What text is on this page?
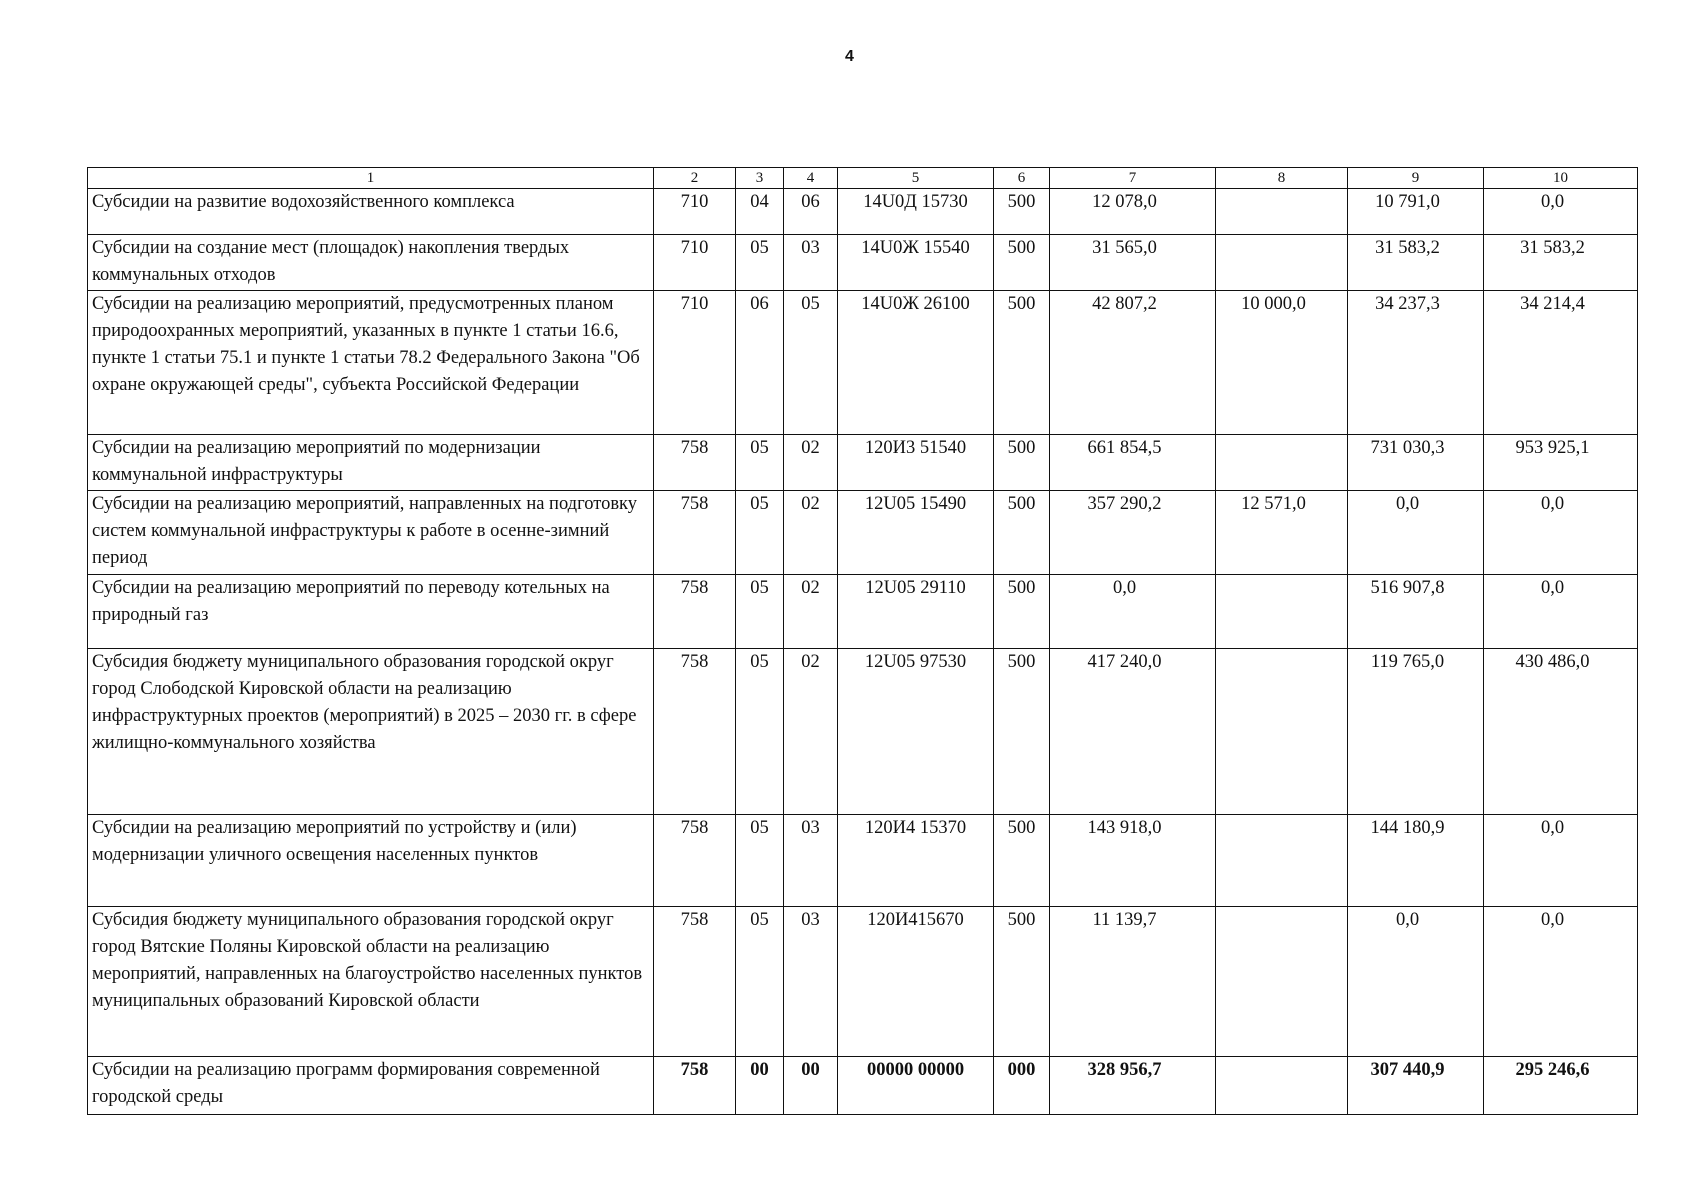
4
1	2	3	4	5	6	7	8	9	10
Субсидии на развитие водохозяйственного комплекса	710	04	06	14U0Д 15730	500	12 078,0		10 791,0	0,0
Субсидии на создание мест (площадок) накопления твердых коммунальных отходов	710	05	03	14U0Ж 15540	500	31 565,0		31 583,2	31 583,2
Субсидии на реализацию мероприятий, предусмотренных планом природоохранных мероприятий, указанных в пункте 1 статьи 16.6, пункте 1 статьи 75.1 и пункте 1 статьи 78.2 Федерального Закона "Об охране окружающей среды", субъекта Российской Федерации	710	06	05	14U0Ж 26100	500	42 807,2	10 000,0	34 237,3	34 214,4
Субсидии на реализацию мероприятий по модернизации коммунальной инфраструктуры	758	05	02	120И3 51540	500	661 854,5		731 030,3	953 925,1
Субсидии на реализацию мероприятий, направленных на подготовку систем коммунальной инфраструктуры к работе в осенне-зимний период	758	05	02	12U05 15490	500	357 290,2	12 571,0	0,0	0,0
Субсидии на реализацию мероприятий по переводу котельных на природный газ	758	05	02	12U05 29110	500	0,0		516 907,8	0,0
Субсидия бюджету муниципального образования городской округ город Слободской Кировской области на реализацию инфраструктурных проектов (мероприятий) в 2025 – 2030 гг. в сфере жилищно-коммунального хозяйства	758	05	02	12U05 97530	500	417 240,0		119 765,0	430 486,0
Субсидии на реализацию мероприятий по устройству и (или) модернизации уличного освещения населенных пунктов	758	05	03	120И4 15370	500	143 918,0		144 180,9	0,0
Субсидия бюджету муниципального образования городской округ город Вятские Поляны Кировской области на реализацию мероприятий, направленных на благоустройство населенных пунктов муниципальных образований Кировской области	758	05	03	120И415670	500	11 139,7		0,0	0,0
Субсидии на реализацию программ формирования современной городской среды	758	00	00	00000 00000	000	328 956,7		307 440,9	295 246,6
